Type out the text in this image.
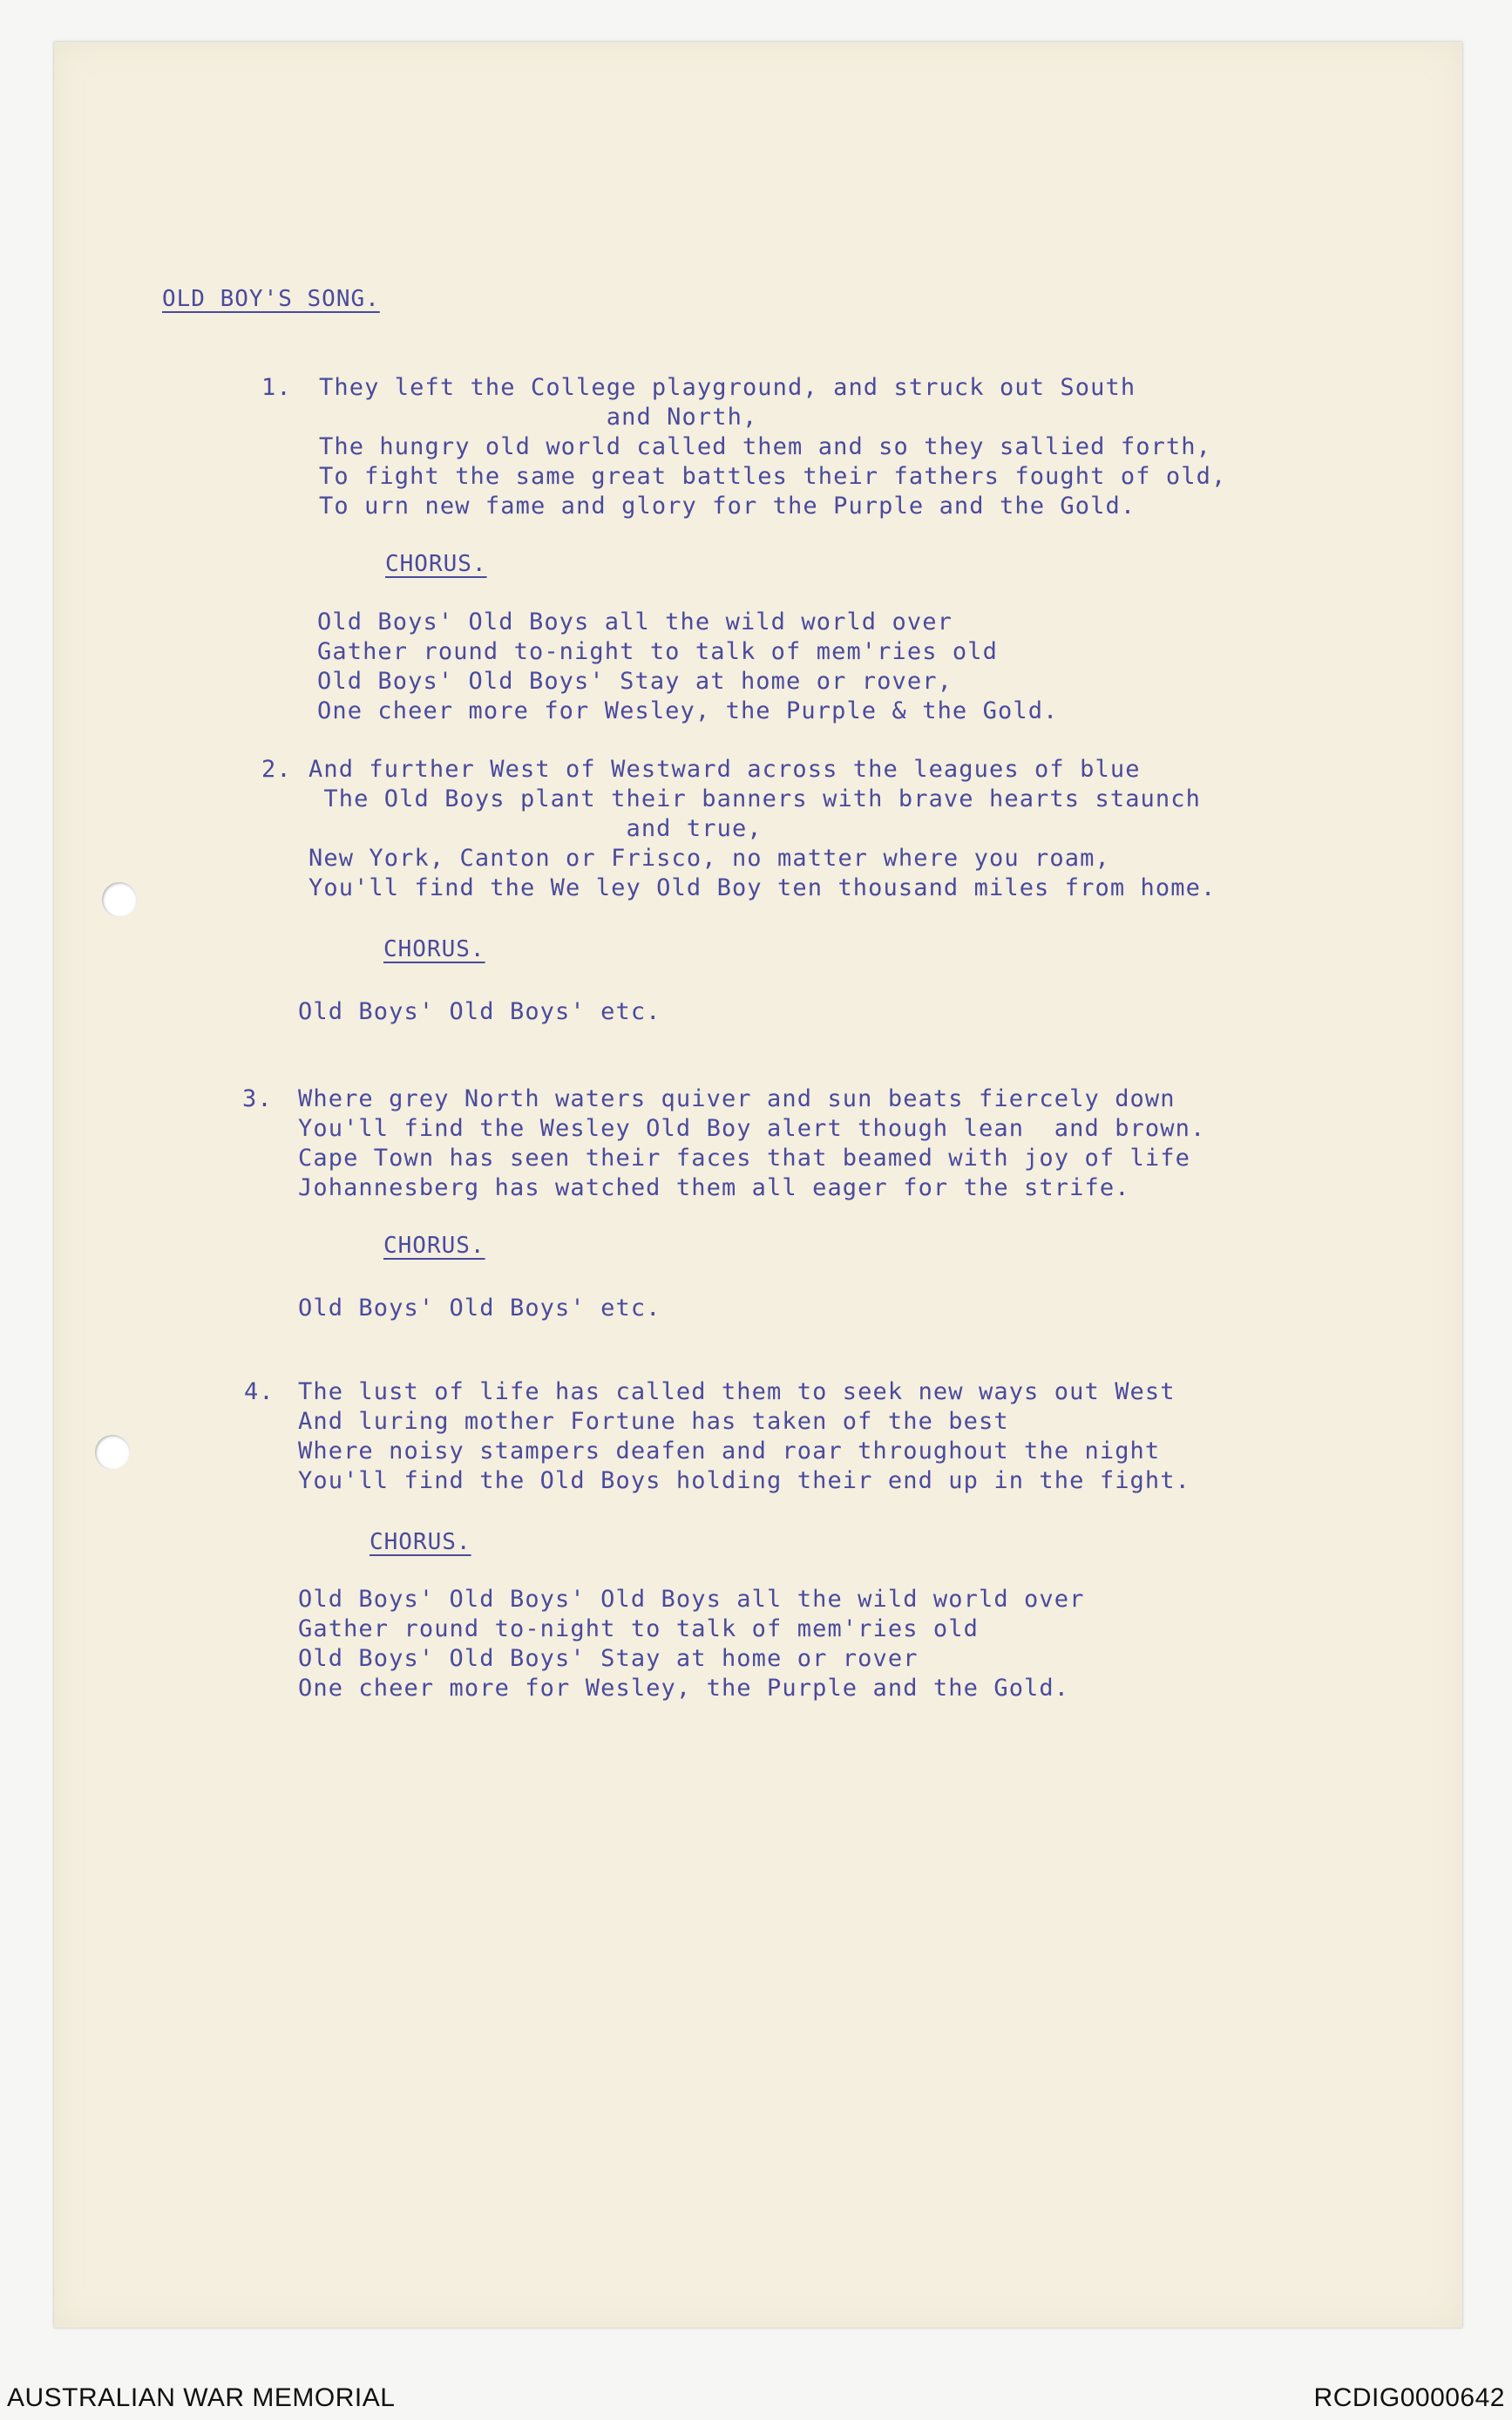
OLD BOY'S SONG.
1. They left the College playground, and struck out South
and North,
The hungry old world called them and so they sallied forth,
To fight the same great battles their fathers fought of old,
To urn new fame and glory for the Purple and the Gold.
CHORUS.
Old Boys' Old Boys all the wild world over
Gather round to-night to talk of mem'ries old
Old Boys' Old Boys' Stay at home or rover,
One cheer more for Wesley, the Purple & the Gold.
2. And further West of Westward across the leagues of blue
The Old Boys plant their banners with brave hearts staunch
and true,
New York, Canton or Frisco, no matter where you roam,
You'll find the We ley Old Boy ten thousand miles from home.
CHORUS.
Old Boys' Old Boys' etc.
3. Where grey North waters quiver and sun beats fiercely down
You'll find the Wesley Old Boy alert though lean  and brown.
Cape Town has seen their faces that beamed with joy of life
Johannesberg has watched them all eager for the strife.
CHORUS.
Old Boys' Old Boys' etc.
4. The lust of life has called them to seek new ways out West
And luring mother Fortune has taken of the best
Where noisy stampers deafen and roar throughout the night
You'll find the Old Boys holding their end up in the fight.
CHORUS.
Old Boys' Old Boys' Old Boys all the wild world over
Gather round to-night to talk of mem'ries old
Old Boys' Old Boys' Stay at home or rover
One cheer more for Wesley, the Purple and the Gold.
AUSTRALIAN WAR MEMORIAL	RCDIG0000642
